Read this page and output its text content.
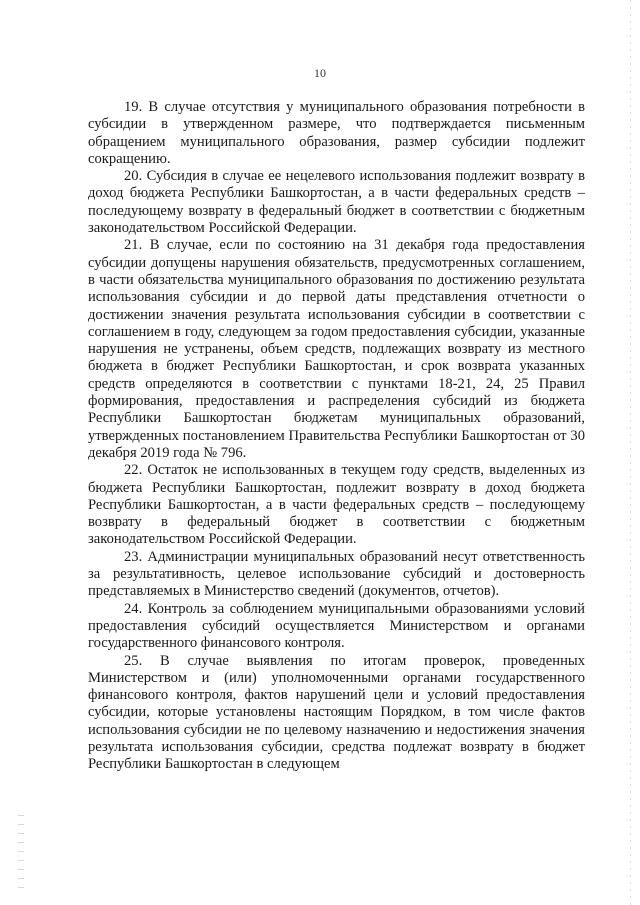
10

19. В случае отсутствия у муниципального образования потребности в субсидии в утвержденном размере, что подтверждается письменным обращением муниципального образования, размер субсидии подлежит сокращению.

20. Субсидия в случае ее нецелевого использования подлежит возврату в доход бюджета Республики Башкортостан, а в части федеральных средств – последующему возврату в федеральный бюджет в соответствии с бюджетным законодательством Российской Федерации.

21. В случае, если по состоянию на 31 декабря года предоставления субсидии допущены нарушения обязательств, предусмотренных соглашением, в части обязательства муниципального образования по достижению результата использования субсидии и до первой даты представления отчетности о достижении значения результата использования субсидии в соответствии с соглашением в году, следующем за годом предоставления субсидии, указанные нарушения не устранены, объем средств, подлежащих возврату из местного бюджета в бюджет Республики Башкортостан, и срок возврата указанных средств определяются в соответствии с пунктами 18-21, 24, 25 Правил формирования, предоставления и распределения субсидий из бюджета Республики Башкортостан бюджетам муниципальных образований, утвержденных постановлением Правительства Республики Башкортостан от 30 декабря 2019 года № 796.

22. Остаток не использованных в текущем году средств, выделенных из бюджета Республики Башкортостан, подлежит возврату в доход бюджета Республики Башкортостан, а в части федеральных средств – последующему возврату в федеральный бюджет в соответствии с бюджетным законодательством Российской Федерации.

23. Администрации муниципальных образований несут ответственность за результативность, целевое использование субсидий и достоверность представляемых в Министерство сведений (документов, отчетов).

24. Контроль за соблюдением муниципальными образованиями условий предоставления субсидий осуществляется Министерством и органами государственного финансового контроля.

25. В случае выявления по итогам проверок, проведенных Министерством и (или) уполномоченными органами государственного финансового контроля, фактов нарушений цели и условий предоставления субсидии, которые установлены настоящим Порядком, в том числе фактов использования субсидии не по целевому назначению и недостижения значения результата использования субсидии, средства подлежат возврату в бюджет Республики Башкортостан в следующем
